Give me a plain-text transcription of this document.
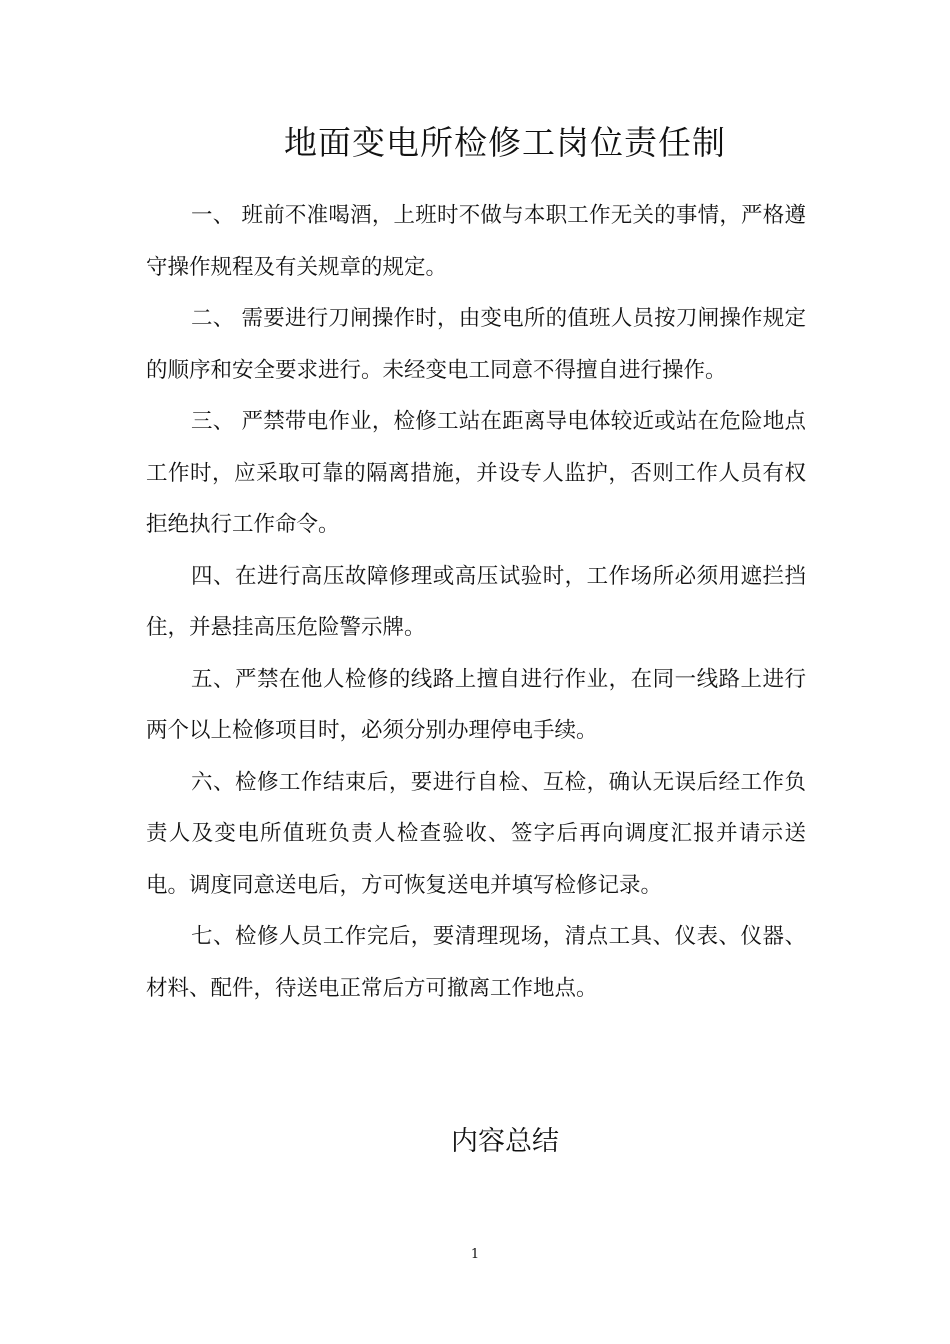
地面变电所检修工岗位责任制

一、 班前不准喝酒，上班时不做与本职工作无关的事情，严格遵守操作规程及有关规章的规定。

二、 需要进行刀闸操作时，由变电所的值班人员按刀闸操作规定的顺序和安全要求进行。未经变电工同意不得擅自进行操作。

三、 严禁带电作业，检修工站在距离导电体较近或站在危险地点工作时，应采取可靠的隔离措施，并设专人监护，否则工作人员有权拒绝执行工作命令。

四、在进行高压故障修理或高压试验时，工作场所必须用遮拦挡住，并悬挂高压危险警示牌。

五、严禁在他人检修的线路上擅自进行作业，在同一线路上进行两个以上检修项目时，必须分别办理停电手续。

六、检修工作结束后，要进行自检、互检，确认无误后经工作负责人及变电所值班负责人检查验收、签字后再向调度汇报并请示送电。调度同意送电后，方可恢复送电并填写检修记录。

七、检修人员工作完后，要清理现场，清点工具、仪表、仪器、材料、配件，待送电正常后方可撤离工作地点。

内容总结
1
